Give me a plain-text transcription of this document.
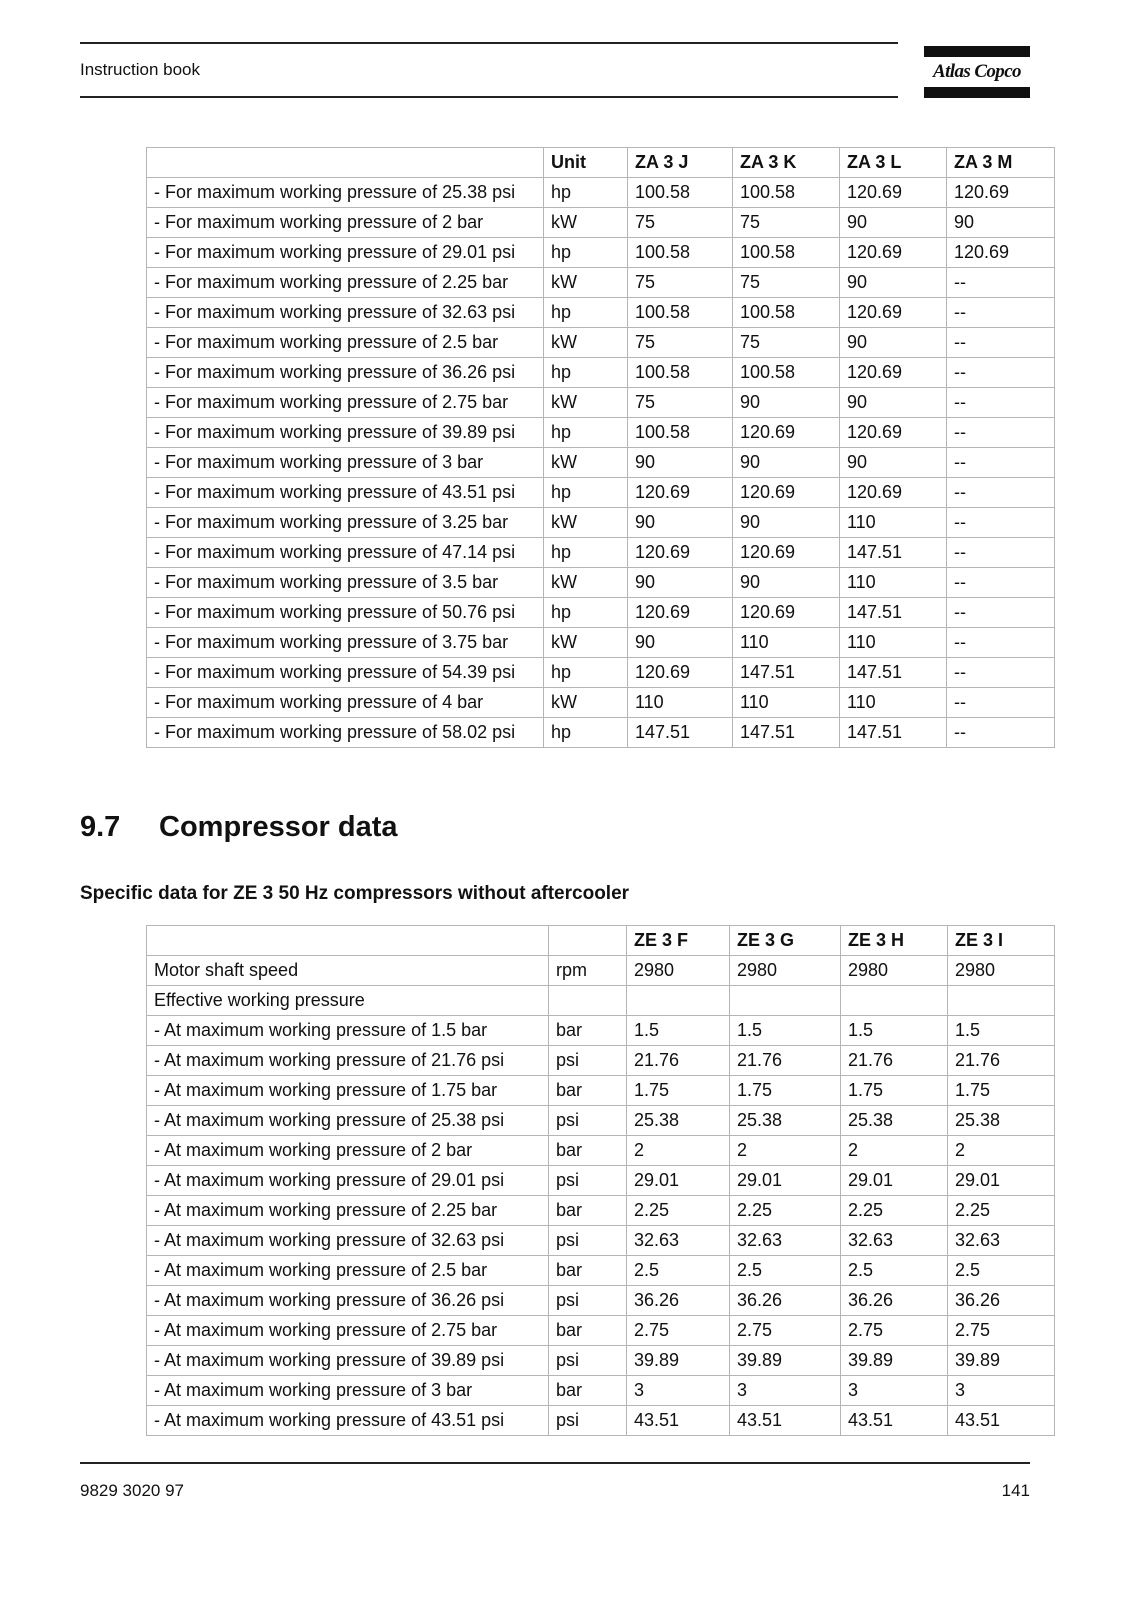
Instruction book	Atlas Copco
	Unit	ZA 3 J	ZA 3 K	ZA 3 L	ZA 3 M
- For maximum working pressure of 25.38 psi	hp	100.58	100.58	120.69	120.69
- For maximum working pressure of 2 bar	kW	75	75	90	90
- For maximum working pressure of 29.01 psi	hp	100.58	100.58	120.69	120.69
- For maximum working pressure of 2.25 bar	kW	75	75	90	--
- For maximum working pressure of 32.63 psi	hp	100.58	100.58	120.69	--
- For maximum working pressure of 2.5 bar	kW	75	75	90	--
- For maximum working pressure of 36.26 psi	hp	100.58	100.58	120.69	--
- For maximum working pressure of 2.75 bar	kW	75	90	90	--
- For maximum working pressure of 39.89 psi	hp	100.58	120.69	120.69	--
- For maximum working pressure of 3 bar	kW	90	90	90	--
- For maximum working pressure of 43.51 psi	hp	120.69	120.69	120.69	--
- For maximum working pressure of 3.25 bar	kW	90	90	110	--
- For maximum working pressure of 47.14 psi	hp	120.69	120.69	147.51	--
- For maximum working pressure of 3.5 bar	kW	90	90	110	--
- For maximum working pressure of 50.76 psi	hp	120.69	120.69	147.51	--
- For maximum working pressure of 3.75 bar	kW	90	110	110	--
- For maximum working pressure of 54.39 psi	hp	120.69	147.51	147.51	--
- For maximum working pressure of 4 bar	kW	110	110	110	--
- For maximum working pressure of 58.02 psi	hp	147.51	147.51	147.51	--
9.7 Compressor data
Specific data for ZE 3 50 Hz compressors without aftercooler
		ZE 3 F	ZE 3 G	ZE 3 H	ZE 3 I
Motor shaft speed	rpm	2980	2980	2980	2980
Effective working pressure					
- At maximum working pressure of 1.5 bar	bar	1.5	1.5	1.5	1.5
- At maximum working pressure of 21.76 psi	psi	21.76	21.76	21.76	21.76
- At maximum working pressure of 1.75 bar	bar	1.75	1.75	1.75	1.75
- At maximum working pressure of 25.38 psi	psi	25.38	25.38	25.38	25.38
- At maximum working pressure of 2 bar	bar	2	2	2	2
- At maximum working pressure of 29.01 psi	psi	29.01	29.01	29.01	29.01
- At maximum working pressure of 2.25 bar	bar	2.25	2.25	2.25	2.25
- At maximum working pressure of 32.63 psi	psi	32.63	32.63	32.63	32.63
- At maximum working pressure of 2.5 bar	bar	2.5	2.5	2.5	2.5
- At maximum working pressure of 36.26 psi	psi	36.26	36.26	36.26	36.26
- At maximum working pressure of 2.75 bar	bar	2.75	2.75	2.75	2.75
- At maximum working pressure of 39.89 psi	psi	39.89	39.89	39.89	39.89
- At maximum working pressure of 3 bar	bar	3	3	3	3
- At maximum working pressure of 43.51 psi	psi	43.51	43.51	43.51	43.51
9829 3020 97	141
